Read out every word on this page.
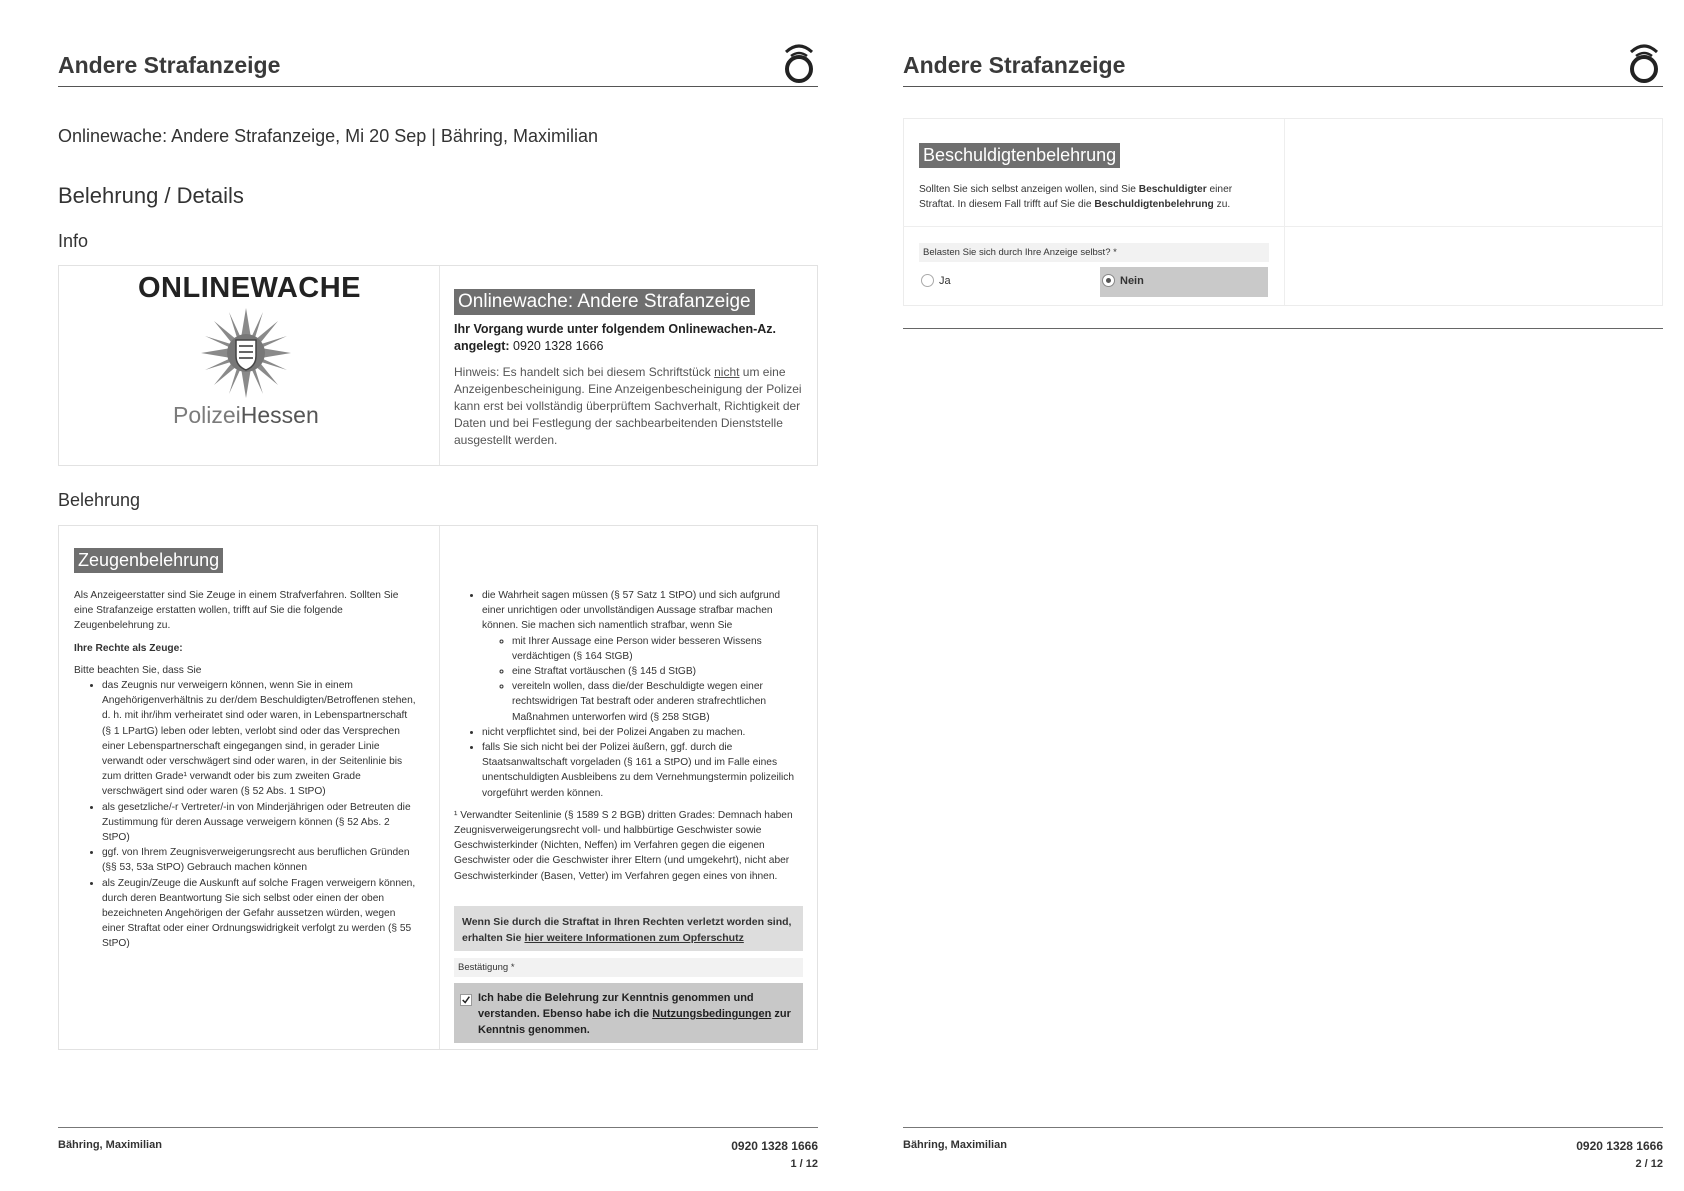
Andere Strafanzeige
Onlinewache: Andere Strafanzeige, Mi 20 Sep | Bähring, Maximilian
Belehrung / Details
Info
ONLINEWACHE
PolizeiHessen
Onlinewache: Andere Strafanzeige
Ihr Vorgang wurde unter folgendem Onlinewachen-Az. angelegt: 0920 1328 1666
Hinweis: Es handelt sich bei diesem Schriftstück nicht um eine Anzeigenbescheinigung. Eine Anzeigenbescheinigung der Polizei kann erst bei vollständig überprüftem Sachverhalt, Richtigkeit der Daten und bei Festlegung der sachbearbeitenden Dienststelle ausgestellt werden.
Belehrung
Zeugenbelehrung

Als Anzeigeerstatter sind Sie Zeuge in einem Strafverfahren. Sollten Sie eine Strafanzeige erstatten wollen, trifft auf Sie die folgende Zeugenbelehrung zu.

Ihre Rechte als Zeuge:

Bitte beachten Sie, dass Sie
• das Zeugnis nur verweigern können, wenn Sie in einem Angehörigenverhältnis zu der/dem Beschuldigten/Betroffenen stehen, d. h. mit ihr/ihm verheiratet sind oder waren, in Lebenspartnerschaft (§ 1 LPartG) leben oder lebten, verlobt sind oder das Versprechen einer Lebenspartnerschaft eingegangen sind, in gerader Linie verwandt oder verschwägert sind oder waren, in der Seitenlinie bis zum dritten Grade¹ verwandt oder bis zum zweiten Grade verschwägert sind oder waren (§ 52 Abs. 1 StPO)
• als gesetzliche/-r Vertreter/-in von Minderjährigen oder Betreuten die Zustimmung für deren Aussage verweigern können (§ 52 Abs. 2 StPO)
• ggf. von Ihrem Zeugnisverweigerungsrecht aus beruflichen Gründen (§§ 53, 53a StPO) Gebrauch machen können
• als Zeugin/Zeuge die Auskunft auf solche Fragen verweigern können, durch deren Beantwortung Sie sich selbst oder einen der oben bezeichneten Angehörigen der Gefahr aussetzen würden, wegen einer Straftat oder einer Ordnungswidrigkeit verfolgt zu werden (§ 55 StPO)
• die Wahrheit sagen müssen (§ 57 Satz 1 StPO) und sich aufgrund einer unrichtigen oder unvollständigen Aussage strafbar machen können. Sie machen sich namentlich strafbar, wenn Sie
◦ mit Ihrer Aussage eine Person wider besseren Wissens verdächtigen (§ 164 StGB)
◦ eine Straftat vortäuschen (§ 145 d StGB)
◦ vereiteln wollen, dass die/der Beschuldigte wegen einer rechtswidrigen Tat bestraft oder anderen strafrechtlichen Maßnahmen unterworfen wird (§ 258 StGB)
• nicht verpflichtet sind, bei der Polizei Angaben zu machen.
• falls Sie sich nicht bei der Polizei äußern, ggf. durch die Staatsanwaltschaft vorgeladen (§ 161 a StPO) und im Falle eines unentschuldigten Ausbleibens zu dem Vernehmungstermin polizeilich vorgeführt werden können.

¹ Verwandter Seitenlinie (§ 1589 S 2 BGB) dritten Grades: Demnach haben Zeugnisverweigerungsrecht voll- und halbbürtige Geschwister sowie Geschwisterkinder (Nichten, Neffen) im Verfahren gegen die eigenen Geschwister oder die Geschwister ihrer Eltern (und umgekehrt), nicht aber Geschwisterkinder (Basen, Vetter) im Verfahren gegen eines von ihnen.

Wenn Sie durch die Straftat in Ihren Rechten verletzt worden sind, erhalten Sie hier weitere Informationen zum Opferschutz
Bestätigung *
Ich habe die Belehrung zur Kenntnis genommen und verstanden. Ebenso habe ich die Nutzungsbedingungen zur Kenntnis genommen.
Bähring, Maximilian	0920 1328 1666
1 / 12
Andere Strafanzeige
Beschuldigtenbelehrung
Sollten Sie sich selbst anzeigen wollen, sind Sie Beschuldigter einer Straftat. In diesem Fall trifft auf Sie die Beschuldigtenbelehrung zu.
Belasten Sie sich durch Ihre Anzeige selbst? *
Ja	Nein
Bähring, Maximilian	0920 1328 1666
2 / 12
